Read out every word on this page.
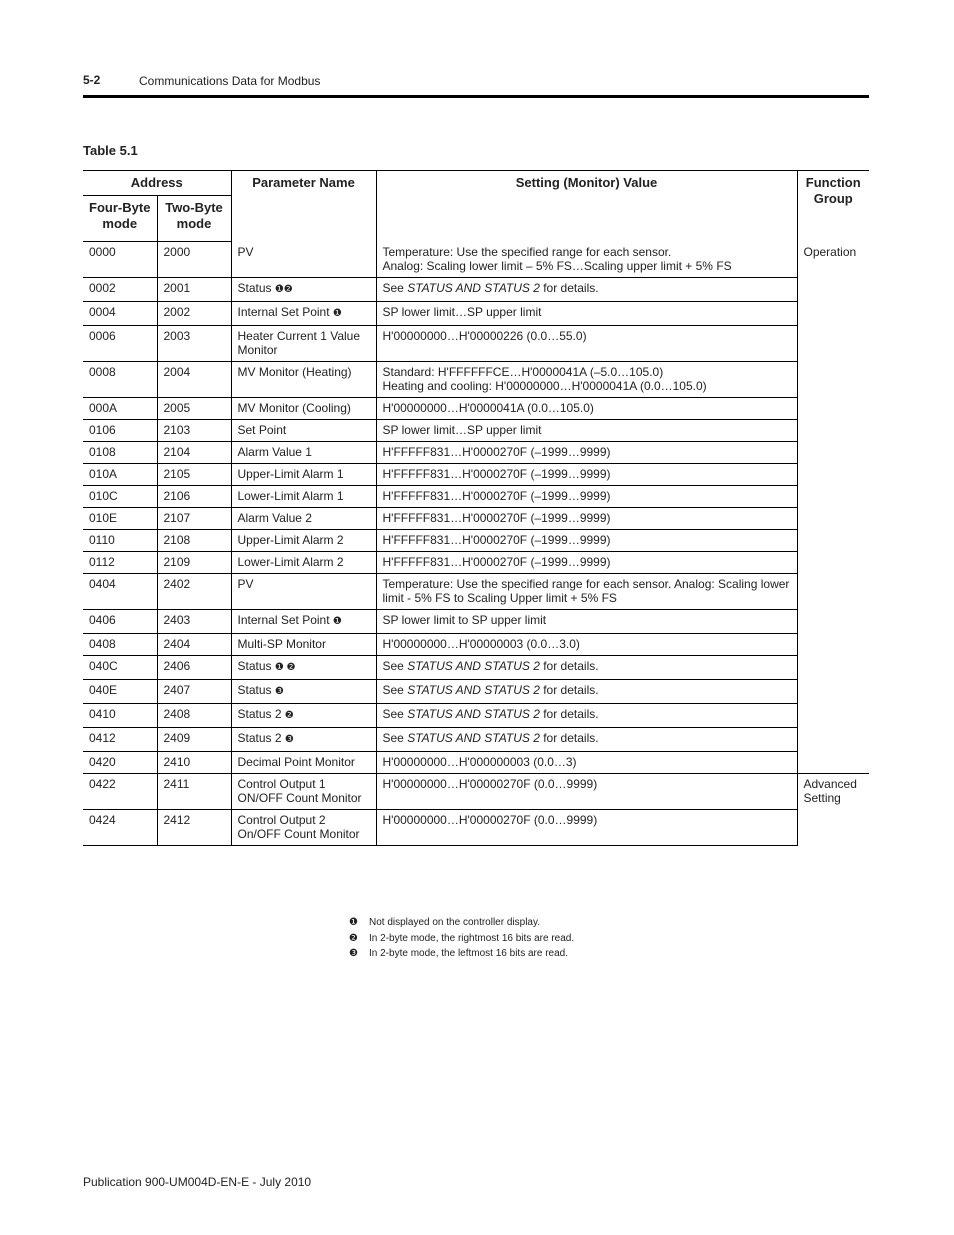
5-2	Communications Data for Modbus
Table 5.1
Address		Parameter Name	Setting (Monitor) Value	Function Group
Four-Byte mode	Two-Byte mode			
0000	2000	PV	Temperature: Use the specified range for each sensor.
Analog: Scaling lower limit – 5% FS…Scaling upper limit + 5% FS	Operation
0002	2001	Status ❶❷	See STATUS AND STATUS 2 for details.	
0004	2002	Internal Set Point ❶	SP lower limit…SP upper limit	
0006	2003	Heater Current 1 Value Monitor	H'00000000…H'00000226 (0.0…55.0)	
0008	2004	MV Monitor (Heating)	Standard: H'FFFFFFCE…H'0000041A (–5.0…105.0)
Heating and cooling: H'00000000…H'0000041A (0.0…105.0)	
000A	2005	MV Monitor (Cooling)	H'00000000…H'0000041A (0.0…105.0)	
0106	2103	Set Point	SP lower limit…SP upper limit	
0108	2104	Alarm Value 1	H'FFFFF831…H'0000270F (–1999…9999)	
010A	2105	Upper-Limit Alarm 1	H'FFFFF831…H'0000270F (–1999…9999)	
010C	2106	Lower-Limit Alarm 1	H'FFFFF831…H'0000270F (–1999…9999)	
010E	2107	Alarm Value 2	H'FFFFF831…H'0000270F (–1999…9999)	
0110	2108	Upper-Limit Alarm 2	H'FFFFF831…H'0000270F (–1999…9999)	
0112	2109	Lower-Limit Alarm 2	H'FFFFF831…H'0000270F (–1999…9999)	
0404	2402	PV	Temperature: Use the specified range for each sensor. Analog: Scaling lower limit - 5% FS to Scaling Upper limit + 5% FS	
0406	2403	Internal Set Point ❶	SP lower limit to SP upper limit	
0408	2404	Multi-SP Monitor	H'00000000…H'00000003 (0.0…3.0)	
040C	2406	Status ❶ ❷	See STATUS AND STATUS 2 for details.	
040E	2407	Status ❸	See STATUS AND STATUS 2 for details.	
0410	2408	Status 2 ❷	See STATUS AND STATUS 2 for details.	
0412	2409	Status 2 ❸	See STATUS AND STATUS 2 for details.	
0420	2410	Decimal Point Monitor	H'00000000…H'000000003 (0.0…3)	
0422	2411	Control Output 1 ON/OFF Count Monitor	H'00000000…H'00000270F (0.0…9999)	Advanced Setting
0424	2412	Control Output 2 On/OFF Count Monitor	H'00000000…H'00000270F (0.0…9999)	
❶ Not displayed on the controller display.
❷ In 2-byte mode, the rightmost 16 bits are read.
❸ In 2-byte mode, the leftmost 16 bits are read.
Publication 900-UM004D-EN-E - July 2010
